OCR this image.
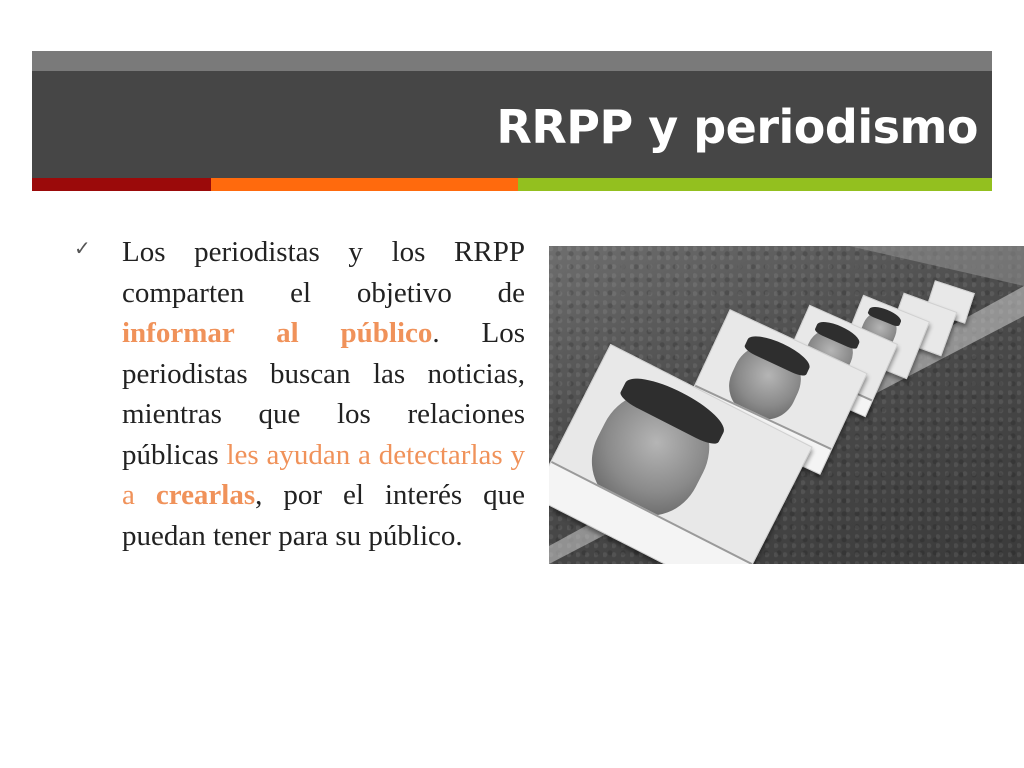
RRPP y periodismo
✓ Los periodistas y los RRPP comparten el objetivo de informar al público. Los periodistas buscan las noticias, mientras que los relaciones públicas les ayudan a detectarlas y a crearlas, por el interés que puedan tener para su público.
